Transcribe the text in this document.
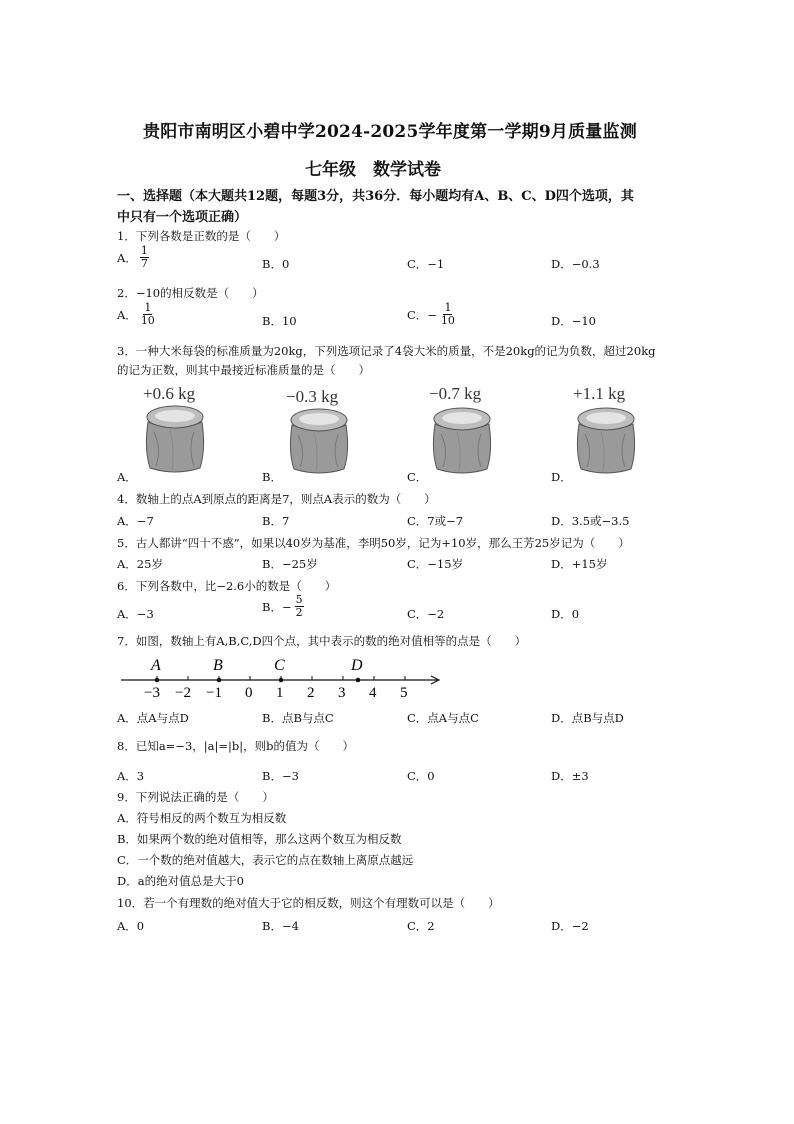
贵阳市南明区小碧中学2024-2025学年度第一学期9月质量监测
七年级　数学试卷
一、选择题（本大题共12题，每题3分，共36分．每小题均有A、B、C、D四个选项，其
中只有一个选项正确）
1．下列各数是正数的是（　　）
A． $\frac{1}{7}$	B．0	C．−1	D．−0.3
2．−10的相反数是（　　）
A． $\frac{1}{10}$	B．10	C．− $\frac{1}{10}$	D．−10
3．一种大米每袋的标准质量为20kg，下列选项记录了4袋大米的质量，不是20kg的记为负数，超过20kg
的记为正数，则其中最接近标准质量的是（　　）
+0.6 kg
A．
−0.3 kg
B．
−0.7 kg
C．
+1.1 kg
D．
4．数轴上的点A到原点的距离是7，则点A表示的数为（　　）
A．−7	B．7	C．7或−7	D．3.5或−3.5
5．古人都讲“四十不惑”，如果以40岁为基准，李明50岁，记为+10岁，那么王芳25岁记为（　　）
A．25岁	B．−25岁	C．−15岁	D．+15岁
6．下列各数中，比−2.6小的数是（　　）
A．−3
B．− $\frac{5}{2}$	C．−2	D．0
7．如图，数轴上有A,B,C,D四个点，其中表示的数的绝对值相等的点是（　　）
−3 −2 −1 0 1 2 3 4 5
A	B	C	D
A．点A与点D	B．点B与点C	C．点A与点C	D．点B与点D
8．已知a=−3，|a|=|b|，则b的值为（　　）
A．3	B．−3	C．0	D．±3
9．下列说法正确的是（　　）
A．符号相反的两个数互为相反数
B．如果两个数的绝对值相等，那么这两个数互为相反数
C．一个数的绝对值越大，表示它的点在数轴上离原点越远
D．a的绝对值总是大于0
10．若一个有理数的绝对值大于它的相反数，则这个有理数可以是（　　）
A．0	B．−4	C．2	D．−2
